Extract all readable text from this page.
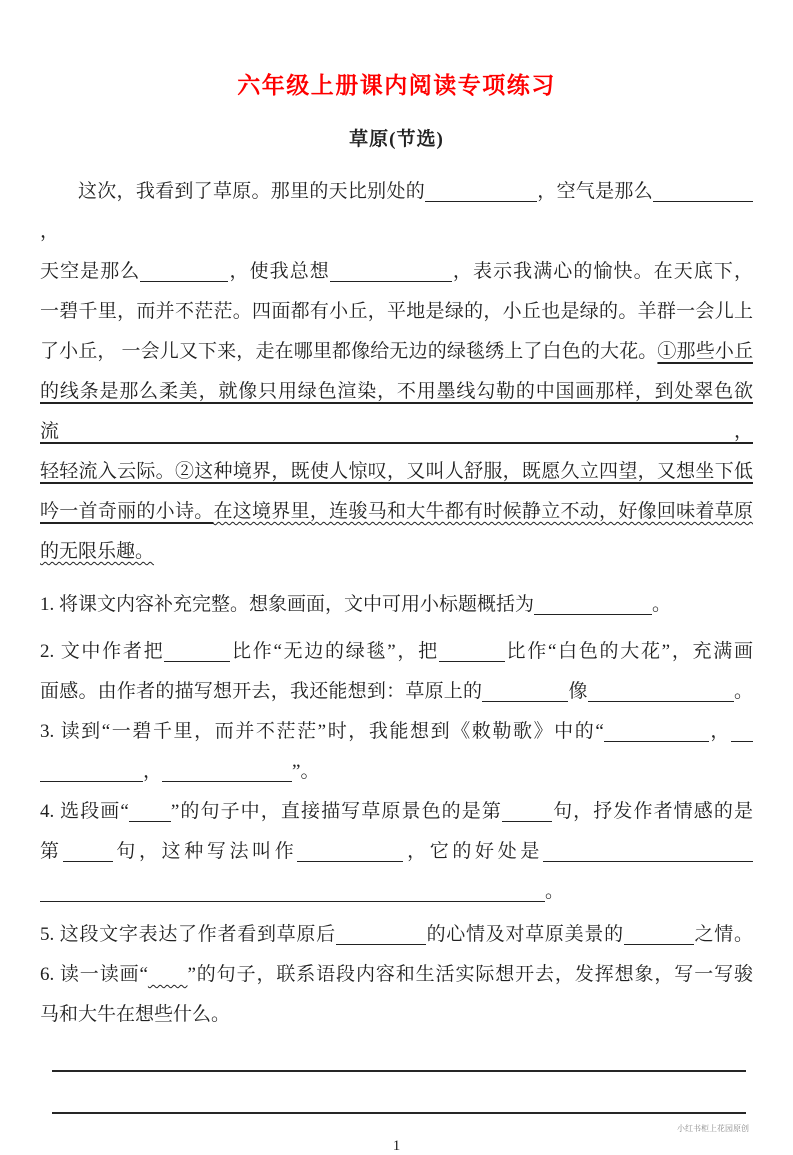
六年级上册课内阅读专项练习
草原(节选)
这次，我看到了草原。那里的天比别处的	，空气是那么，
天空是那么	，使我总想	，表示我满心的愉快。在天底下，
一碧千里，而并不茫茫。四面都有小丘，平地是绿的，小丘也是绿的。羊群一会儿上
了小丘， 一会儿又下来，走在哪里都像给无边的绿毯绣上了白色的大花。①那些小丘
的线条是那么柔美，就像只用绿色渲染，不用墨线勾勒的中国画那样，到处翠色欲流，
轻轻流入云际。②这种境界，既使人惊叹，又叫人舒服，既愿久立四望，又想坐下低
吟一首奇丽的小诗。在这境界里，连骏马和大牛都有时候静立不动，好像回味着草原
的无限乐趣。
1. 将课文内容补充完整。想象画面，文中可用小标题概括为	。
2. 文中作者把	比作“无边的绿毯”，把	比作“白色的大花”，充满画
面感。由作者的描写想开去，我还能想到：草原上的	像	。
3. 读到“一碧千里，而并不茫茫”时，我能想到《敕勒歌》中的“	，
，	”。
4. 选段画“ ”的句子中，直接描写草原景色的是第	句，抒发作者情感的是
第	句，这种写法叫作	，它的好处是
。
5. 这段文字表达了作者看到草原后	的心情及对草原美景的	之情。
6. 读一读画“ ”的句子，联系语段内容和生活实际想开去，发挥想象，写一写骏
马和大牛在想些什么。
小红书柜上花园原创
1
